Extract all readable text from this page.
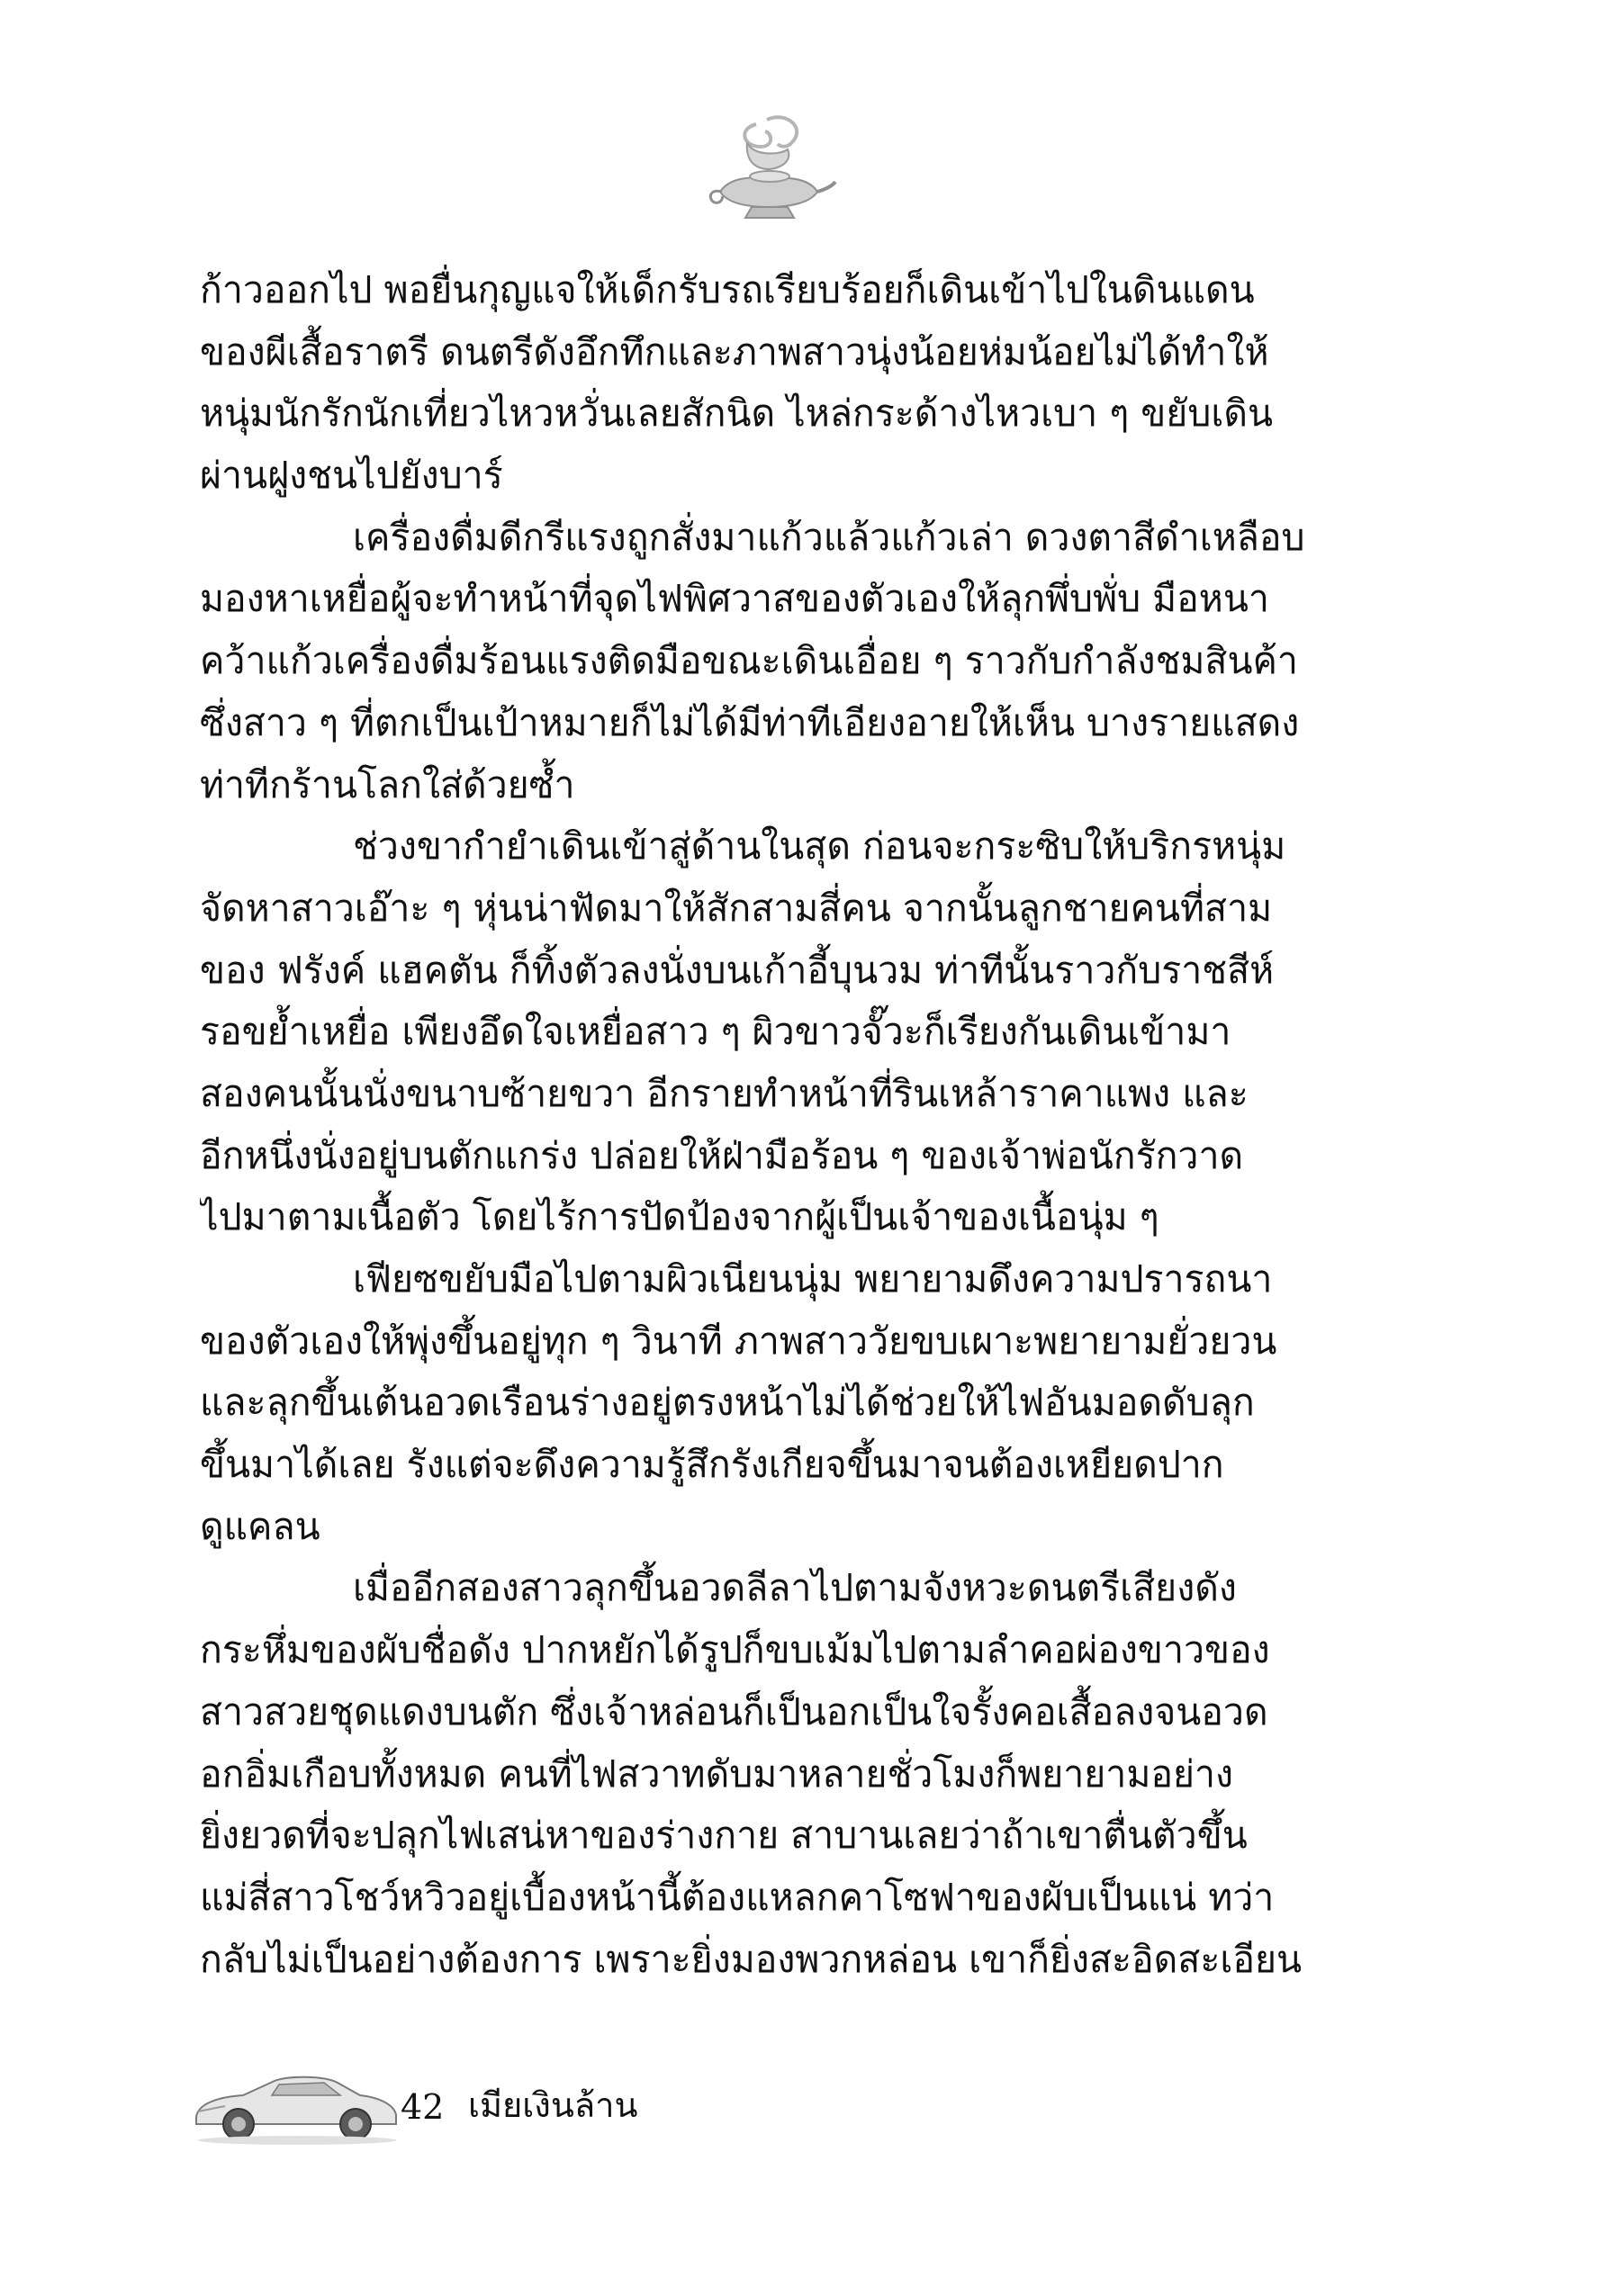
ก้าวออกไป พอยื่นกุญแจให้เด็กรับรถเรียบร้อยก็เดินเข้าไปในดินแดน
ของผีเสื้อราตรี ดนตรีดังอึกทึกและภาพสาวนุ่งน้อยห่มน้อยไม่ได้ทำให้
หนุ่มนักรักนักเที่ยวไหวหวั่นเลยสักนิด ไหล่กระด้างไหวเบา ๆ ขยับเดิน
ผ่านฝูงชนไปยังบาร์
เครื่องดื่มดีกรีแรงถูกสั่งมาแก้วแล้วแก้วเล่า ดวงตาสีดำเหลือบ
มองหาเหยื่อผู้จะทำหน้าที่จุดไฟพิศวาสของตัวเองให้ลุกพึ่บพั่บ มือหนา
คว้าแก้วเครื่องดื่มร้อนแรงติดมือขณะเดินเอื่อย ๆ ราวกับกำลังชมสินค้า
ซึ่งสาว ๆ ที่ตกเป็นเป้าหมายก็ไม่ได้มีท่าทีเอียงอายให้เห็น บางรายแสดง
ท่าทีกร้านโลกใส่ด้วยซ้ำ
ช่วงขากำยำเดินเข้าสู่ด้านในสุด ก่อนจะกระซิบให้บริกรหนุ่ม
จัดหาสาวเอ๊าะ ๆ หุ่นน่าฟัดมาให้สักสามสี่คน จากนั้นลูกชายคนที่สาม
ของ ฟรังค์ แฮคตัน ก็ทิ้งตัวลงนั่งบนเก้าอี้บุนวม ท่าทีนั้นราวกับราชสีห์
รอขย้ำเหยื่อ เพียงอึดใจเหยื่อสาว ๆ ผิวขาวจั๊วะก็เรียงกันเดินเข้ามา
สองคนนั้นนั่งขนาบซ้ายขวา อีกรายทำหน้าที่รินเหล้าราคาแพง และ
อีกหนึ่งนั่งอยู่บนตักแกร่ง ปล่อยให้ฝ่ามือร้อน ๆ ของเจ้าพ่อนักรักวาด
ไปมาตามเนื้อตัว โดยไร้การปัดป้องจากผู้เป็นเจ้าของเนื้อนุ่ม ๆ
เฟียซขยับมือไปตามผิวเนียนนุ่ม พยายามดึงความปรารถนา
ของตัวเองให้พุ่งขึ้นอยู่ทุก ๆ วินาที ภาพสาววัยขบเผาะพยายามยั่วยวน
และลุกขึ้นเต้นอวดเรือนร่างอยู่ตรงหน้าไม่ได้ช่วยให้ไฟอันมอดดับลุก
ขึ้นมาได้เลย รังแต่จะดึงความรู้สึกรังเกียจขึ้นมาจนต้องเหยียดปาก
ดูแคลน
เมื่ออีกสองสาวลุกขึ้นอวดลีลาไปตามจังหวะดนตรีเสียงดัง
กระหึ่มของผับชื่อดัง ปากหยักได้รูปก็ขบเม้มไปตามลำคอผ่องขาวของ
สาวสวยชุดแดงบนตัก ซึ่งเจ้าหล่อนก็เป็นอกเป็นใจรั้งคอเสื้อลงจนอวด
อกอิ่มเกือบทั้งหมด คนที่ไฟสวาทดับมาหลายชั่วโมงก็พยายามอย่าง
ยิ่งยวดที่จะปลุกไฟเสน่หาของร่างกาย สาบานเลยว่าถ้าเขาตื่นตัวขึ้น
แม่สี่สาวโชว์หวิวอยู่เบื้องหน้านี้ต้องแหลกคาโซฟาของผับเป็นแน่ ทว่า
กลับไม่เป็นอย่างต้องการ เพราะยิ่งมองพวกหล่อน เขาก็ยิ่งสะอิดสะเอียน
42 เมียเงินล้าน
